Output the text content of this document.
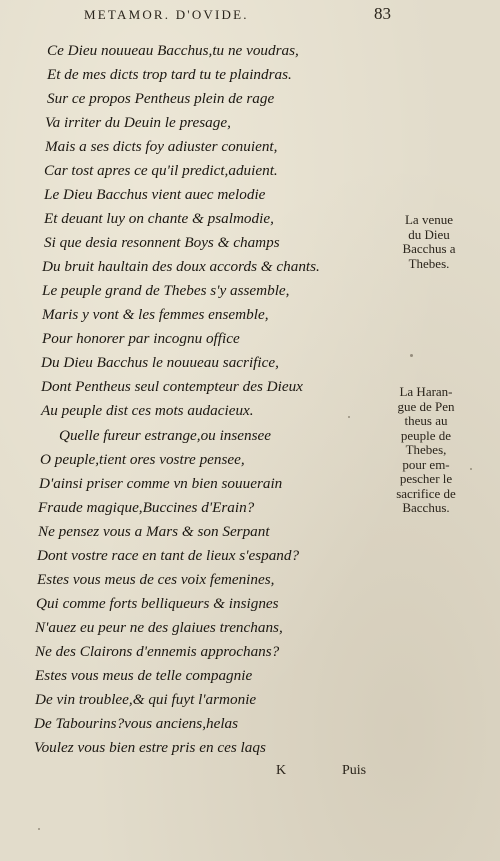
METAMOR. D'OVIDE.	83
Ce Dieu nouueau Bacchus,tu ne voudras,
Et de mes dicts trop tard tu te plaindras.
Sur ce propos Pentheus plein de rage
Va irriter du Deuin le presage,
Mais a ses dicts foy adiuster conuient,
Car tost apres ce qu'il predict,aduient.
Le Dieu Bacchus vient auec melodie
Et deuant luy on chante & psalmodie,
Si que desia resonnent Boys & champs
Du bruit haultain des doux accords & chants.
Le peuple grand de Thebes s'y assemble,
Maris y vont & les femmes ensemble,
Pour honorer par incognu office
Du Dieu Bacchus le nouueau sacrifice,
Dont Pentheus seul contempteur des Dieux
Au peuple dist ces mots audacieux.
Quelle fureur estrange,ou insensee
O peuple,tient ores vostre pensee,
D'ainsi priser comme vn bien souuerain
Fraude magique,Buccines d'Erain?
Ne pensez vous a Mars & son Serpant
Dont vostre race en tant de lieux s'espand?
Estes vous meus de ces voix femenines,
Qui comme forts belliqueurs & insignes
N'auez eu peur ne des glaiues trenchans,
Ne des Clairons d'ennemis approchans?
Estes vous meus de telle compagnie
De vin troublee,& qui fuyt l'armonie
De Tabourins?vous anciens,helas
Voulez vous bien estre pris en ces laqs
La venue
du Dieu
Bacchus a
Thebes.
La Haran-
gue de Pen
theus au
peuple de
Thebes,
pour em-
pescher le
sacrifice de
Bacchus.
K	Puis
